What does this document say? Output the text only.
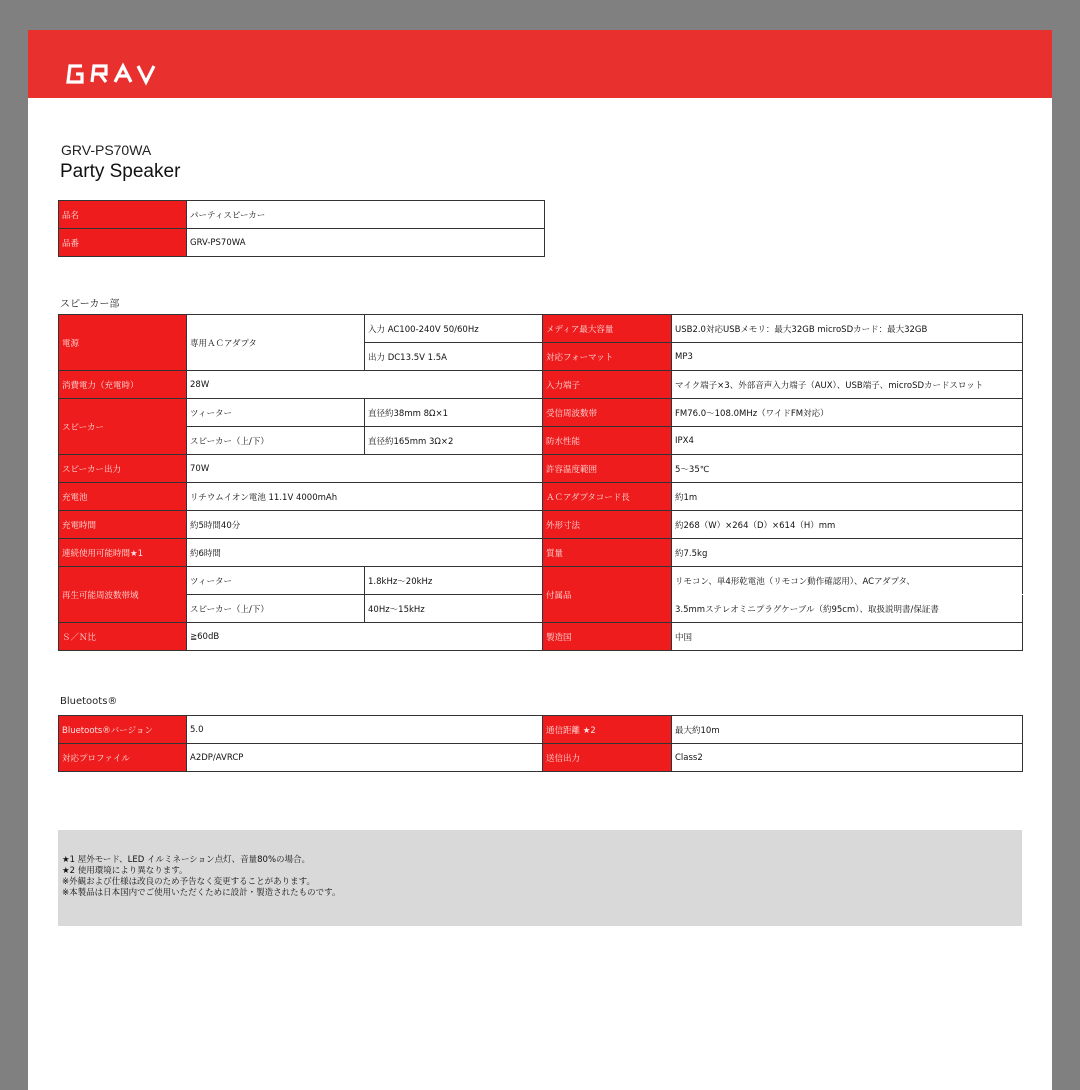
GRV-PS70WA
Party Speaker
品名	パーティスピーカー
品番	GRV-PS70WA
スピーカー部
電源	専用ＡＣアダプタ	入力 AC100-240V 50/60Hz	メディア最大容量	USB2.0対応USBメモリ：最大32GB microSDカード：最大32GB
		出力 DC13.5V 1.5A	対応フォーマット	MP3
消費電力（充電時）	28W		入力端子	マイク端子×3、外部音声入力端子（AUX）、USB端子、microSDカードスロット
スピーカー	ツィーター	直径約38mm 8Ω×1	受信周波数帯	FM76.0～108.0MHz（ワイドFM対応）
	スピーカー（上/下）	直径約165mm 3Ω×2	防水性能	IPX4
スピーカー出力	70W		許容温度範囲	5～35℃
充電池	リチウムイオン電池 11.1V 4000mAh		ＡＣアダプタコード長	約1m
充電時間	約5時間40分		外形寸法	約268（W）×264（D）×614（H）mm
連続使用可能時間★1	約6時間		質量	約7.5kg
再生可能周波数帯域	ツィーター	1.8kHz～20kHz	付属品	リモコン、単4形乾電池（リモコン動作確認用）、ACアダプタ、
	スピーカー（上/下）	40Hz～15kHz		3.5mmステレオミニプラグケーブル（約95cm）、取扱説明書/保証書
Ｓ／Ｎ比	≧60dB		製造国	中国
Bluetoots®
Bluetoots®バージョン	5.0	通信距離 ★2	最大約10m
対応プロファイル	A2DP/AVRCP	送信出力	Class2
★1 屋外モード、LED イルミネーション点灯、音量80%の場合。
★2 使用環境により異なります。
※外観および仕様は改良のため予告なく変更することがあります。
※本製品は日本国内でご使用いただくために設計・製造されたものです。
